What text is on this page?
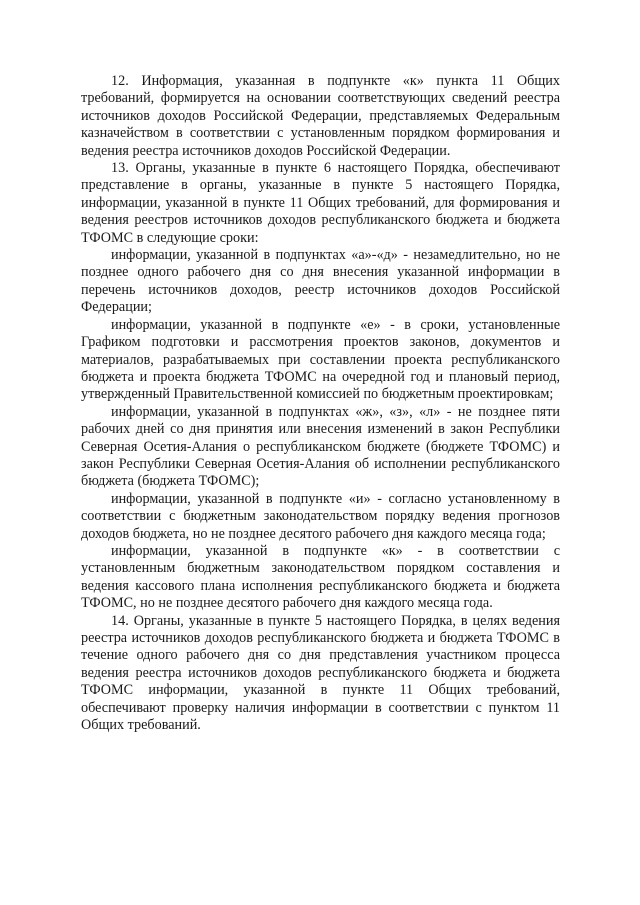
12. Информация, указанная в подпункте «к» пункта 11 Общих требований, формируется на основании соответствующих сведений реестра источников доходов Российской Федерации, представляемых Федеральным казначейством в соответствии с установленным порядком формирования и ведения реестра источников доходов Российской Федерации.

13. Органы, указанные в пункте 6 настоящего Порядка, обеспечивают представление в органы, указанные в пункте 5 настоящего Порядка, информации, указанной в пункте 11 Общих требований, для формирования и ведения реестров источников доходов республиканского бюджета и бюджета ТФОМС в следующие сроки:

информации, указанной в подпунктах «а»-«д» - незамедлительно, но не позднее одного рабочего дня со дня внесения указанной информации в перечень источников доходов, реестр источников доходов Российской Федерации;

информации, указанной в подпункте «е» - в сроки, установленные Графиком подготовки и рассмотрения проектов законов, документов и материалов, разрабатываемых при составлении проекта республиканского бюджета и проекта бюджета ТФОМС на очередной год и плановый период, утвержденный Правительственной комиссией по бюджетным проектировкам;

информации, указанной в подпунктах «ж», «з», «л» - не позднее пяти рабочих дней со дня принятия или внесения изменений в закон Республики Северная Осетия-Алания о республиканском бюджете (бюджете ТФОМС) и закон Республики Северная Осетия-Алания об исполнении республиканского бюджета (бюджета ТФОМС);

информации, указанной в подпункте «и» - согласно установленному в соответствии с бюджетным законодательством порядку ведения прогнозов доходов бюджета, но не позднее десятого рабочего дня каждого месяца года;

информации, указанной в подпункте «к» - в соответствии с установленным бюджетным законодательством порядком составления и ведения кассового плана исполнения республиканского бюджета и бюджета ТФОМС, но не позднее десятого рабочего дня каждого месяца года.

14. Органы, указанные в пункте 5 настоящего Порядка, в целях ведения реестра источников доходов республиканского бюджета и бюджета ТФОМС в течение одного рабочего дня со дня представления участником процесса ведения реестра источников доходов республиканского бюджета и бюджета ТФОМС информации, указанной в пункте 11 Общих требований, обеспечивают проверку наличия информации в соответствии с пунктом 11 Общих требований.
